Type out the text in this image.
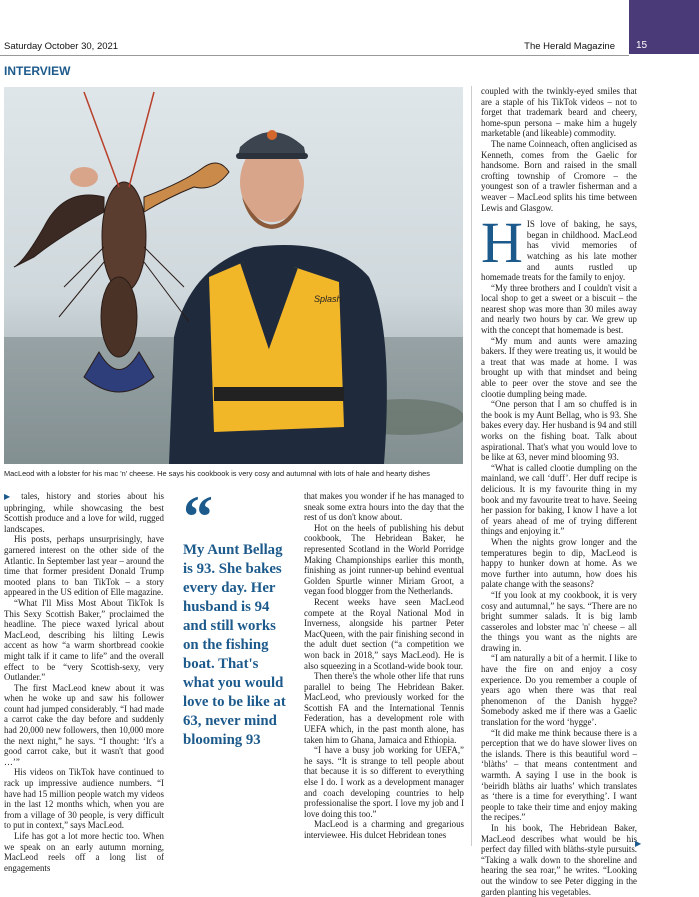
15
Saturday October 30, 2021	The Herald Magazine
INTERVIEW
Splash
MacLeod with a lobster for his mac 'n' cheese. He says his cookbook is very cosy and autumnal with lots of hale and hearty dishes

▶ tales, history and stories about his upbringing, while showcasing the best Scottish produce and a love for wild, rugged landscapes.

His posts, perhaps unsurprisingly, have garnered interest on the other side of the Atlantic. In September last year – around the time that former president Donald Trump mooted plans to ban TikTok – a story appeared in the US edition of Elle magazine.

“What I'll Miss Most About TikTok Is This Sexy Scottish Baker,” proclaimed the headline. The piece waxed lyrical about MacLeod, describing his lilting Lewis accent as how “a warm shortbread cookie might talk if it came to life” and the overall effect to be “very Scottish-sexy, very Outlander.”

The first MacLeod knew about it was when he woke up and saw his follower count had jumped considerably. “I had made a carrot cake the day before and suddenly had 20,000 new followers, then 10,000 more the next night,” he says. “I thought: ‘It's a good carrot cake, but it wasn't that good …’”

His videos on TikTok have continued to rack up impressive audience numbers. “I have had 15 million people watch my videos in the last 12 months which, when you are from a village of 30 people, is very difficult to put in context,” says MacLeod.

Life has got a lot more hectic too. When we speak on an early autumn morning, MacLeod reels off a long list of engagements

“
My Aunt Bellag is 93. She bakes every day. Her husband is 94 and still works on the fishing boat. That's what you would love to be like at 63, never mind blooming 93

that makes you wonder if he has managed to sneak some extra hours into the day that the rest of us don't know about.

Hot on the heels of publishing his debut cookbook, The Hebridean Baker, he represented Scotland in the World Porridge Making Championships earlier this month, finishing as joint runner-up behind eventual Golden Spurtle winner Miriam Groot, a vegan food blogger from the Netherlands.

Recent weeks have seen MacLeod compete at the Royal National Mod in Inverness, alongside his partner Peter MacQueen, with the pair finishing second in the adult duet section (“a competition we won back in 2018,” says MacLeod). He is also squeezing in a Scotland-wide book tour.

Then there's the whole other life that runs parallel to being The Hebridean Baker. MacLeod, who previously worked for the Scottish FA and the International Tennis Federation, has a development role with UEFA which, in the past month alone, has taken him to Ghana, Jamaica and Ethiopia.

“I have a busy job working for UEFA,” he says. “It is strange to tell people about that because it is so different to everything else I do. I work as a development manager and coach developing countries to help professionalise the sport. I love my job and I love doing this too.”

MacLeod is a charming and gregarious interviewee. His dulcet Hebridean tones

coupled with the twinkly-eyed smiles that are a staple of his TikTok videos – not to forget that trademark beard and cheery, home-spun persona – make him a hugely marketable (and likeable) commodity.

The name Coinneach, often anglicised as Kenneth, comes from the Gaelic for handsome. Born and raised in the small crofting township of Cromore – the youngest son of a trawler fisherman and a weaver – MacLeod splits his time between Lewis and Glasgow.

HIS love of baking, he says, began in childhood. MacLeod has vivid memories of watching as his late mother and aunts rustled up homemade treats for the family to enjoy.

“My three brothers and I couldn't visit a local shop to get a sweet or a biscuit – the nearest shop was more than 30 miles away and nearly two hours by car. We grew up with the concept that homemade is best.

“My mum and aunts were amazing bakers. If they were treating us, it would be a treat that was made at home. I was brought up with that mindset and being able to peer over the stove and see the clootie dumpling being made.

“One person that I am so chuffed is in the book is my Aunt Bellag, who is 93. She bakes every day. Her husband is 94 and still works on the fishing boat. Talk about aspirational. That's what you would love to be like at 63, never mind blooming 93.

“What is called clootie dumpling on the mainland, we call ‘duff’. Her duff recipe is delicious. It is my favourite thing in my book and my favourite treat to have. Seeing her passion for baking, I know I have a lot of years ahead of me of trying different things and enjoying it.”

When the nights grow longer and the temperatures begin to dip, MacLeod is happy to hunker down at home. As we move further into autumn, how does his palate change with the seasons?

“If you look at my cookbook, it is very cosy and autumnal,” he says. “There are no bright summer salads. It is big lamb casseroles and lobster mac 'n' cheese – all the things you want as the nights are drawing in.

“I am naturally a bit of a hermit. I like to have the fire on and enjoy a cosy experience. Do you remember a couple of years ago when there was that real phenomenon of the Danish hygge? Somebody asked me if there was a Gaelic translation for the word ‘hygge’.

“It did make me think because there is a perception that we do have slower lives on the islands. There is this beautiful word – ‘blàths’ – that means contentment and warmth. A saying I use in the book is ‘beiridh blàths air luaths’ which translates as ‘there is a time for everything’. I want people to take their time and enjoy making the recipes.”

In his book, The Hebridean Baker, MacLeod describes what would be his perfect day filled with blàths-style pursuits. “Taking a walk down to the shoreline and hearing the sea roar,” he writes. “Looking out the window to see Peter digging in the garden planting his vegetables.

▶
